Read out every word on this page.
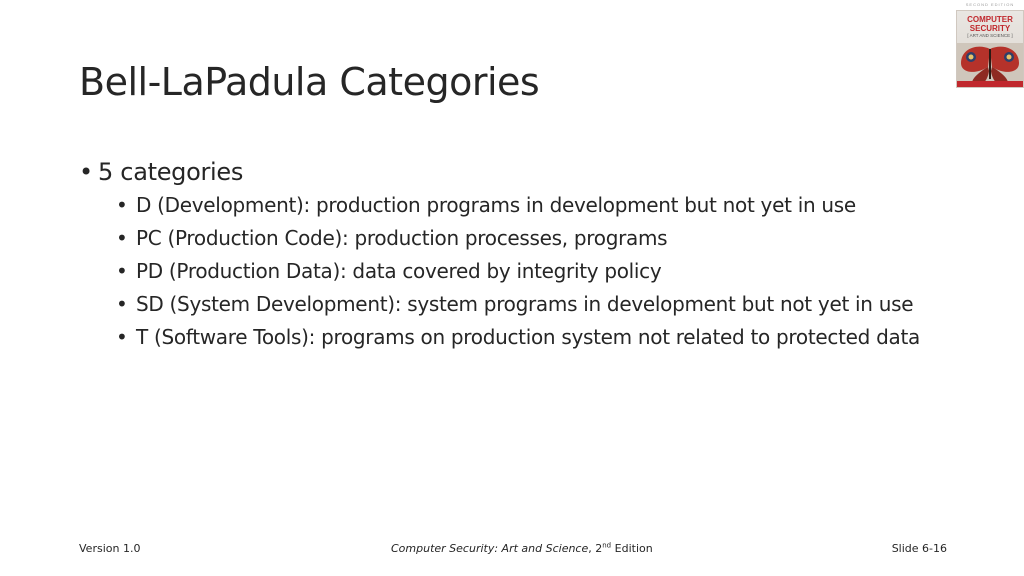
Bell-LaPadula Categories
SECOND EDITION
COMPUTER SECURITY
[ ART AND SCIENCE ]
• 5 categories
• D (Development): production programs in development but not yet in use
• PC (Production Code): production processes, programs
• PD (Production Data): data covered by integrity policy
• SD (System Development): system programs in development but not yet in use
• T (Software Tools): programs on production system not related to protected data
Version 1.0	Computer Security: Art and Science, 2nd Edition	Slide 6-16
